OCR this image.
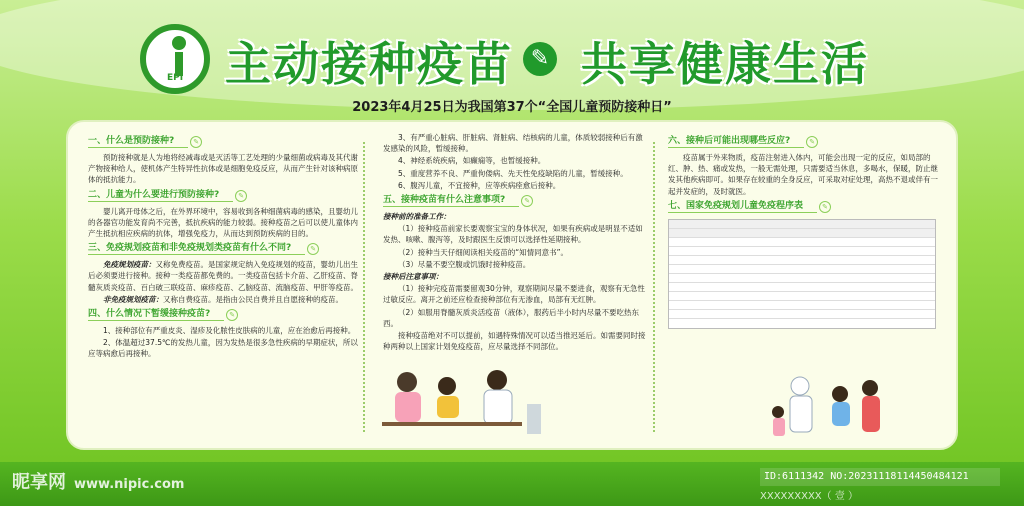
EPI 主动接种疫苗 共享健康生活
✎
2023年4月25日为我国第37个“全国儿童预防接种日”
一、什么是预防接种?	✎

预防接种就是人为地将经减毒或是灭活等工艺处理的少量细菌或病毒及其代谢产物接种给人，使机体产生特异性抗体或是细胞免疫反应，从而产生针对该种病原体的抵抗能力。

二、儿童为什么要进行预防接种?	✎

婴儿离开母体之后，在外界环境中，容易收到各种细菌病毒的感染，且婴幼儿的各器官功能发育尚不完善，抵抗疾病的能力较弱。接种疫苗之后可以使儿童体内产生抵抗相应疾病的抗体，增强免疫力，从而达到预防疾病的目的。

三、免疫规划疫苗和非免疫规划类疫苗有什么不同?	✎

免疫规划疫苗：又称免费疫苗。是国家规定纳入免疫规划的疫苗，婴幼儿出生后必须要进行接种。接种一类疫苗都免费的。一类疫苗包括卡介苗、乙肝疫苗、脊髓灰质炎疫苗、百白破三联疫苗、麻疹疫苗、乙脑疫苗、流脑疫苗、甲肝等疫苗。

非免疫规划疫苗：又称自费疫苗。是指由公民自费并且自愿接种的疫苗。

四、什么情况下暂缓接种疫苗?	✎

1、接种部位有严重皮炎、湿疹及化脓性皮肤病的儿童，应在治愈后再接种。

2、体温超过37.5℃的发热儿童，因为发热是很多急性疾病的早期症状，所以应等病愈后再接种。

3、有严重心脏病、肝脏病、肾脏病、结核病的儿童，体质较弱接种后有激发感染的风险，暂缓接种。

4、神经系统疾病，如癫痫等，也暂缓接种。

5、重度营养不良、严重佝偻病、先天性免疫缺陷的儿童，暂缓接种。

6、腹泻儿童，不宜接种，应等疾病痊愈后接种。

五、接种疫苗有什么注意事项?	✎

接种前的准备工作：

（1）接种疫苗前家长要观察宝宝的身体状况，如果有疾病或是明显不适如发热、咳嗽、腹泻等，及时跟医生反馈可以选择性延期接种。

（2）接种当天仔细阅读相关疫苗的“知情同意书”。

（3）尽量不要空腹或饥饿时接种疫苗。

接种后注意事项：

（1）接种完疫苗需要留观30分钟，观察期间尽量不要进食，观察有无急性过敏反应。离开之前还应检查接种部位有无渗血，局部有无红肿。

（2）如服用脊髓灰质炎活疫苗（液体），服药后半小时内尽量不要吃热东西。

接种疫苗绝对不可以提前，如遇特殊情况可以适当推迟延后。如需要同时接种两种以上国家计划免疫疫苗，应尽量选择不同部位。

六、接种后可能出现哪些反应?	✎

疫苗属于外来物质，疫苗注射进入体内，可能会出现一定的反应，如局部的红、肿、热、痛或发热，一般无需处理，只需要适当休息，多喝水，保暖，防止继发其他疾病即可。如果存在较重的全身反应，可采取对症处理，高热不退或伴有一起并发症的，及时就医。

七、国家免疫规划儿童免疫程序表	✎
昵享网 www.nipic.com
ID:6111342 NO:20231118114450484121
XXXXXXXXX（ 壹 ）
